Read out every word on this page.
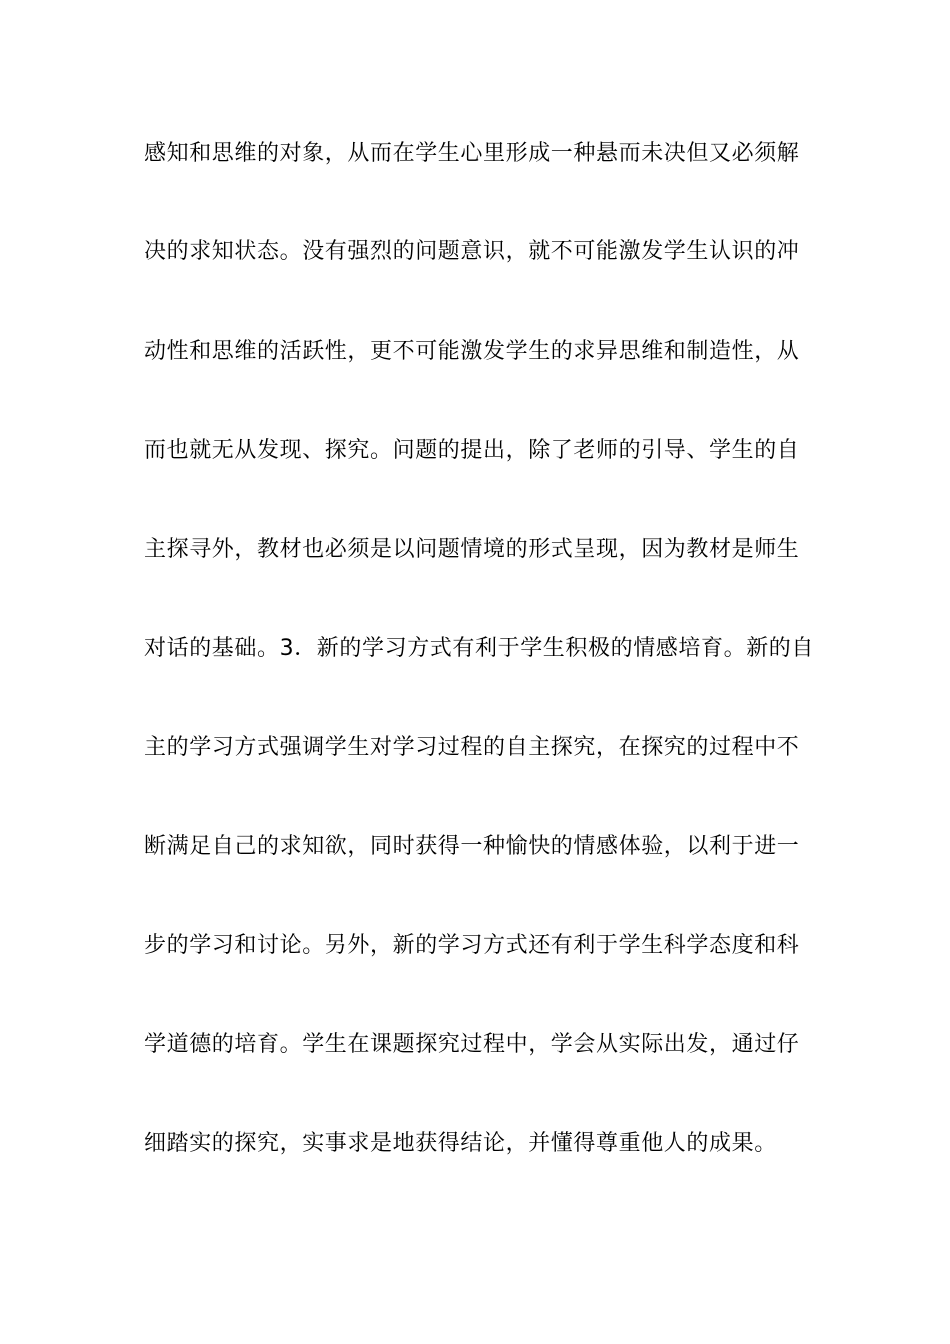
感知和思维的对象，从而在学生心里形成一种悬而未决但又必须解
决的求知状态。没有强烈的问题意识，就不可能激发学生认识的冲
动性和思维的活跃性，更不可能激发学生的求异思维和制造性，从
而也就无从发现、探究。问题的提出，除了老师的引导、学生的自
主探寻外，教材也必须是以问题情境的形式呈现，因为教材是师生
对话的基础。3．新的学习方式有利于学生积极的情感培育。新的自
主的学习方式强调学生对学习过程的自主探究，在探究的过程中不
断满足自己的求知欲，同时获得一种愉快的情感体验，以利于进一
步的学习和讨论。另外，新的学习方式还有利于学生科学态度和科
学道德的培育。学生在课题探究过程中，学会从实际出发，通过仔
细踏实的探究，实事求是地获得结论，并懂得尊重他人的成果。
